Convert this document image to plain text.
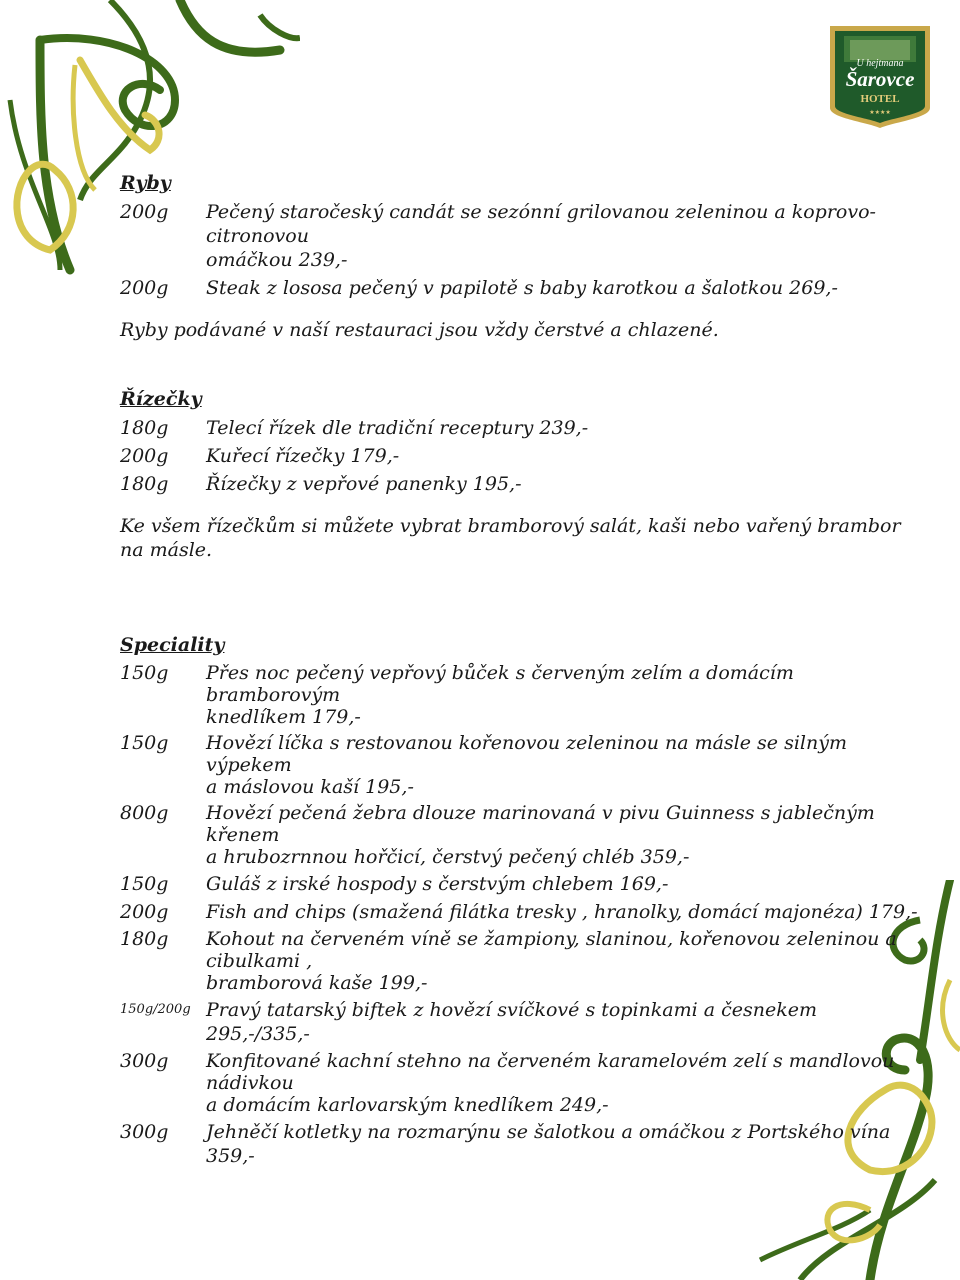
U hejtmana
Šarovce
HOTEL
★★★★
Ryby
200g	Pečený staročeský candát se sezónní grilovanou zeleninou a koprovo-citronovou
omáčkou 239,-
200g	Steak z lososa pečený v papilotě s baby karotkou a šalotkou 269,-
Ryby podávané v naší restauraci jsou vždy čerstvé a chlazené.
Řízečky
180g	Telecí řízek dle tradiční receptury 239,-
200g	Kuřecí řízečky 179,-
180g	Řízečky z vepřové panenky 195,-
Ke všem řízečkům si můžete vybrat bramborový salát, kaši nebo vařený brambor na másle.
Speciality
150g	Přes noc pečený vepřový bůček s červeným zelím a domácím bramborovým
knedlíkem 179,-
150g	Hovězí líčka s restovanou kořenovou zeleninou na másle se silným výpekem
a máslovou kaší 195,-
800g	Hovězí pečená žebra dlouze marinovaná v pivu Guinness s jablečným křenem
a hrubozrnnou hořčicí, čerstvý pečený chléb 359,-
150g	Guláš z irské hospody s čerstvým chlebem 169,-
200g	Fish and chips (smažená filátka tresky , hranolky, domácí majonéza) 179,-
180g	Kohout na červeném víně se žampiony, slaninou, kořenovou zeleninou a cibulkami ,
bramborová kaše 199,-
150g/200g Pravý tatarský biftek z hovězí svíčkové s topinkami a česnekem 295,-/335,-
300g	Konfitované kachní stehno na červeném karamelovém zelí s mandlovou nádivkou
a domácím karlovarským knedlíkem 249,-
300g	Jehněčí kotletky na rozmarýnu se šalotkou a omáčkou z Portského vína 359,-
